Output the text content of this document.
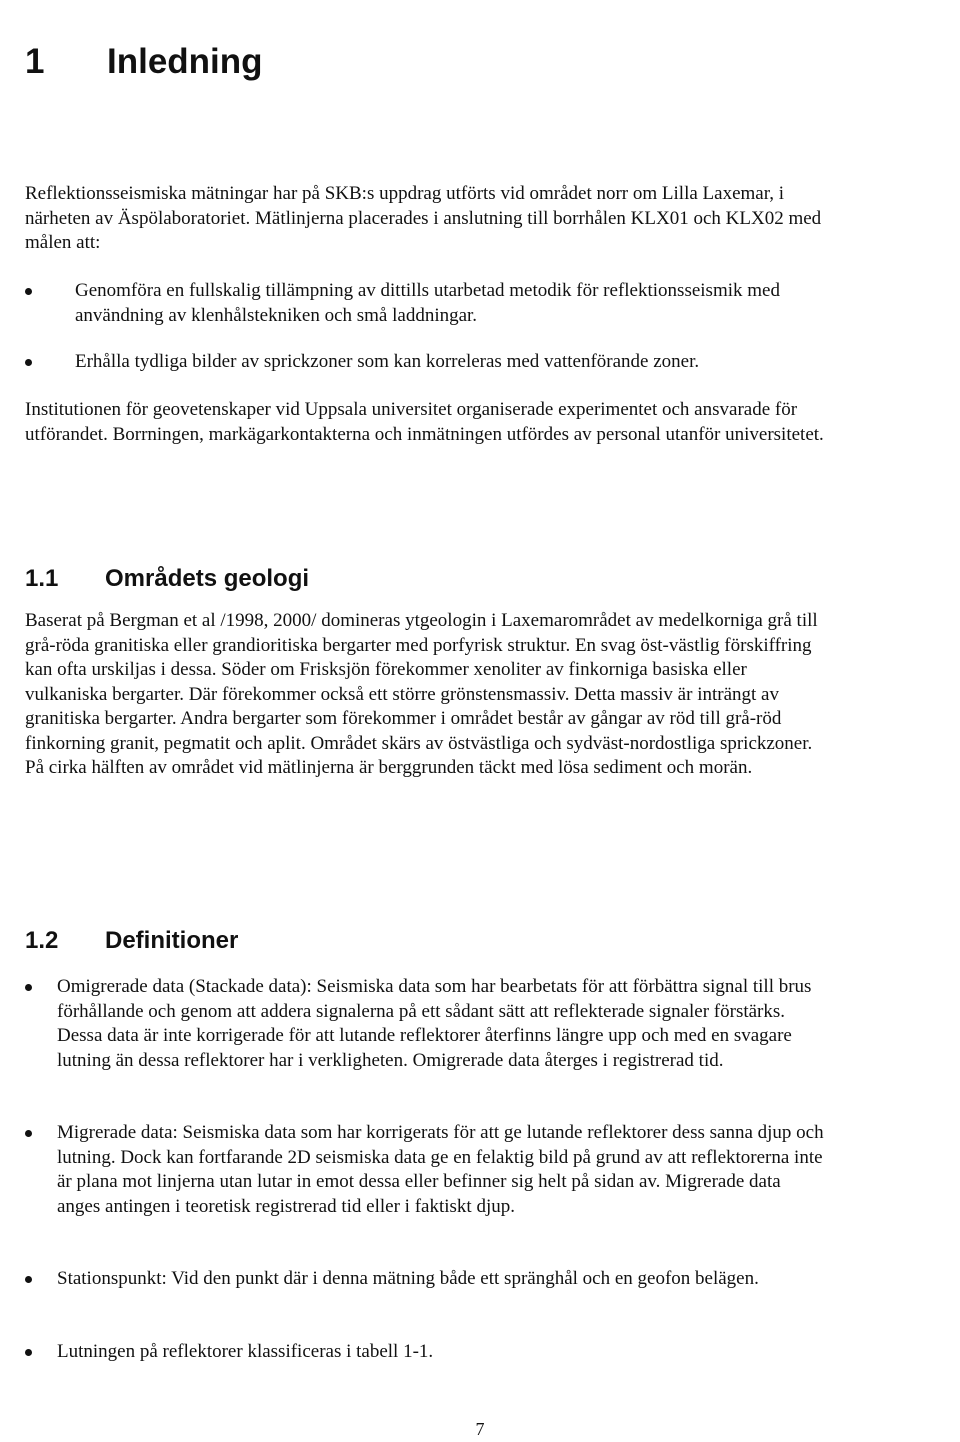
1 Inledning

Reflektionsseismiska mätningar har på SKB:s uppdrag utförts vid området norr om Lilla Laxemar, i närheten av Äspölaboratoriet. Mätlinjerna placerades i anslutning till borrhålen KLX01 och KLX02 med målen att:

Genomföra en fullskalig tillämpning av dittills utarbetad metodik för reflektionsseismik med användning av klenhålstekniken och små laddningar.

Erhålla tydliga bilder av sprickzoner som kan korreleras med vattenförande zoner.

Institutionen för geovetenskaper vid Uppsala universitet organiserade experimentet och ansvarade för utförandet. Borrningen, markägarkontakterna och inmätningen utfördes av personal utanför universitetet.

1.1 Områdets geologi

Baserat på Bergman et al /1998, 2000/ domineras ytgeologin i Laxemarområdet av medelkorniga grå till grå-röda granitiska eller grandioritiska bergarter med porfyrisk struktur. En svag öst-västlig förskiffring kan ofta urskiljas i dessa. Söder om Frisksjön förekommer xenoliter av finkorniga basiska eller vulkaniska bergarter. Där förekommer också ett större grönstensmassiv. Detta massiv är inträngt av granitiska bergarter. Andra bergarter som förekommer i området består av gångar av röd till grå-röd finkorning granit, pegmatit och aplit. Området skärs av östvästliga och sydväst-nordostliga sprickzoner. På cirka hälften av området vid mätlinjerna är berggrunden täckt med lösa sediment och morän.

1.2 Definitioner

Omigrerade data (Stackade data): Seismiska data som har bearbetats för att förbättra signal till brus förhållande och genom att addera signalerna på ett sådant sätt att reflekterade signaler förstärks. Dessa data är inte korrigerade för att lutande reflektorer återfinns längre upp och med en svagare lutning än dessa reflektorer har i verkligheten. Omigrerade data återges i registrerad tid.

Migrerade data: Seismiska data som har korrigerats för att ge lutande reflektorer dess sanna djup och lutning. Dock kan fortfarande 2D seismiska data ge en felaktig bild på grund av att reflektorerna inte är plana mot linjerna utan lutar in emot dessa eller befinner sig helt på sidan av. Migrerade data anges antingen i teoretisk registrerad tid eller i faktiskt djup.

Stationspunkt: Vid den punkt där i denna mätning både ett spränghål och en geofon belägen.

Lutningen på reflektorer klassificeras i tabell 1-1.

7
